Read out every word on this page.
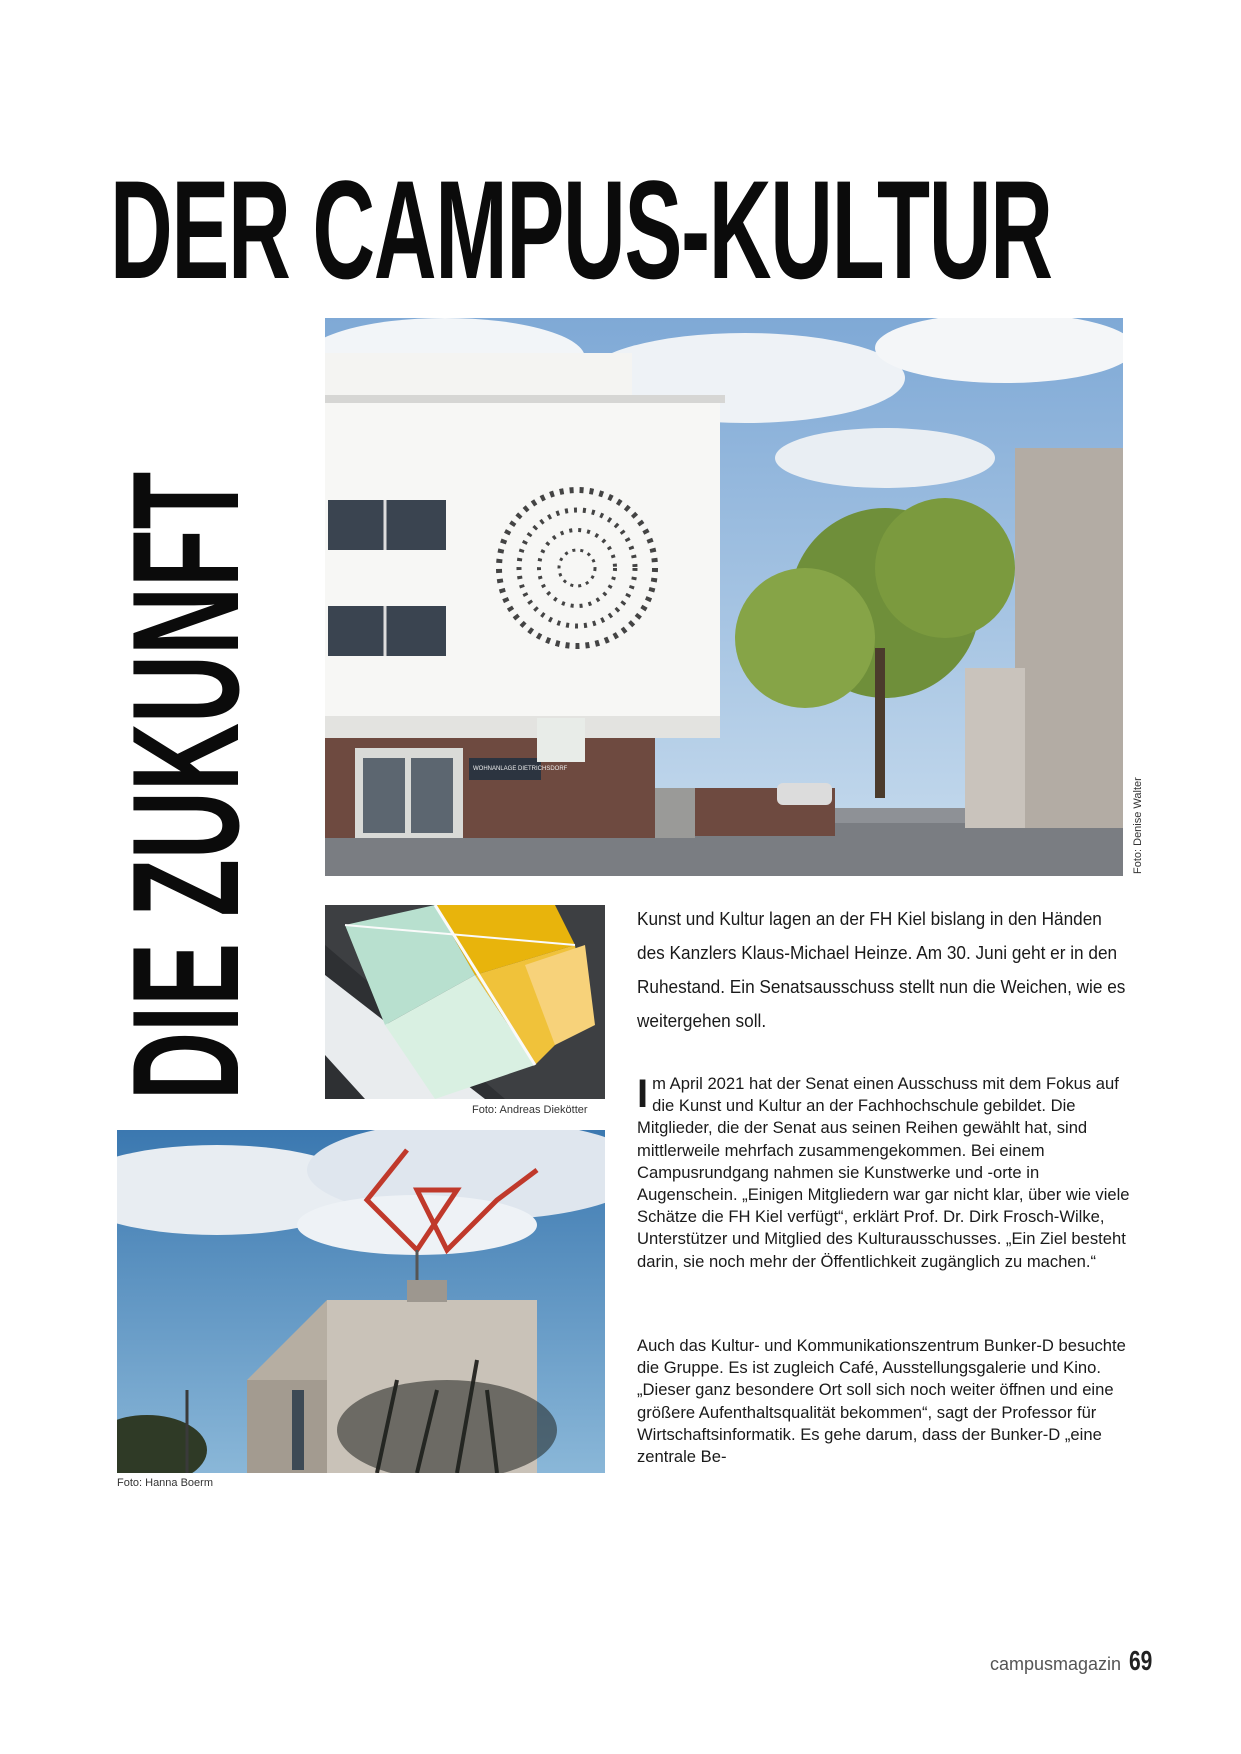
DER CAMPUS-KULTUR
DIE ZUKUNFT	WOHNANLAGE DIETRICHSDORF
Foto: Denise Walter
Foto: Andreas Diekötter
Foto: Hanna Boerm
Kunst und Kultur lagen an der FH Kiel bislang in den Händen des Kanzlers Klaus-Michael Heinze. Am 30. Juni geht er in den Ruhestand. Ein Senatsausschuss stellt nun die Weichen, wie es weitergehen soll.
Im April 2021 hat der Senat einen Ausschuss mit dem Fokus auf die Kunst und Kultur an der Fachhochschule gebildet. Die Mitglieder, die der Senat aus seinen Reihen gewählt hat, sind mittlerweile mehrfach zusammengekommen. Bei einem Campusrundgang nahmen sie Kunstwerke und -orte in Augenschein. „Einigen Mitgliedern war gar nicht klar, über wie viele Schätze die FH Kiel verfügt“, erklärt Prof. Dr. Dirk Frosch-Wilke, Unterstützer und Mitglied des Kulturausschusses. „Ein Ziel besteht darin, sie noch mehr der Öffentlichkeit zugänglich zu machen.“
Auch das Kultur- und Kommunikationszentrum Bunker-D besuchte die Gruppe. Es ist zugleich Café, Ausstellungsgalerie und Kino. „Dieser ganz besondere Ort soll sich noch weiter öffnen und eine größere Aufenthaltsqualität bekommen“, sagt der Professor für Wirtschaftsinformatik. Es gehe darum, dass der Bunker-D „eine zentrale Be-
campusmagazin 69
